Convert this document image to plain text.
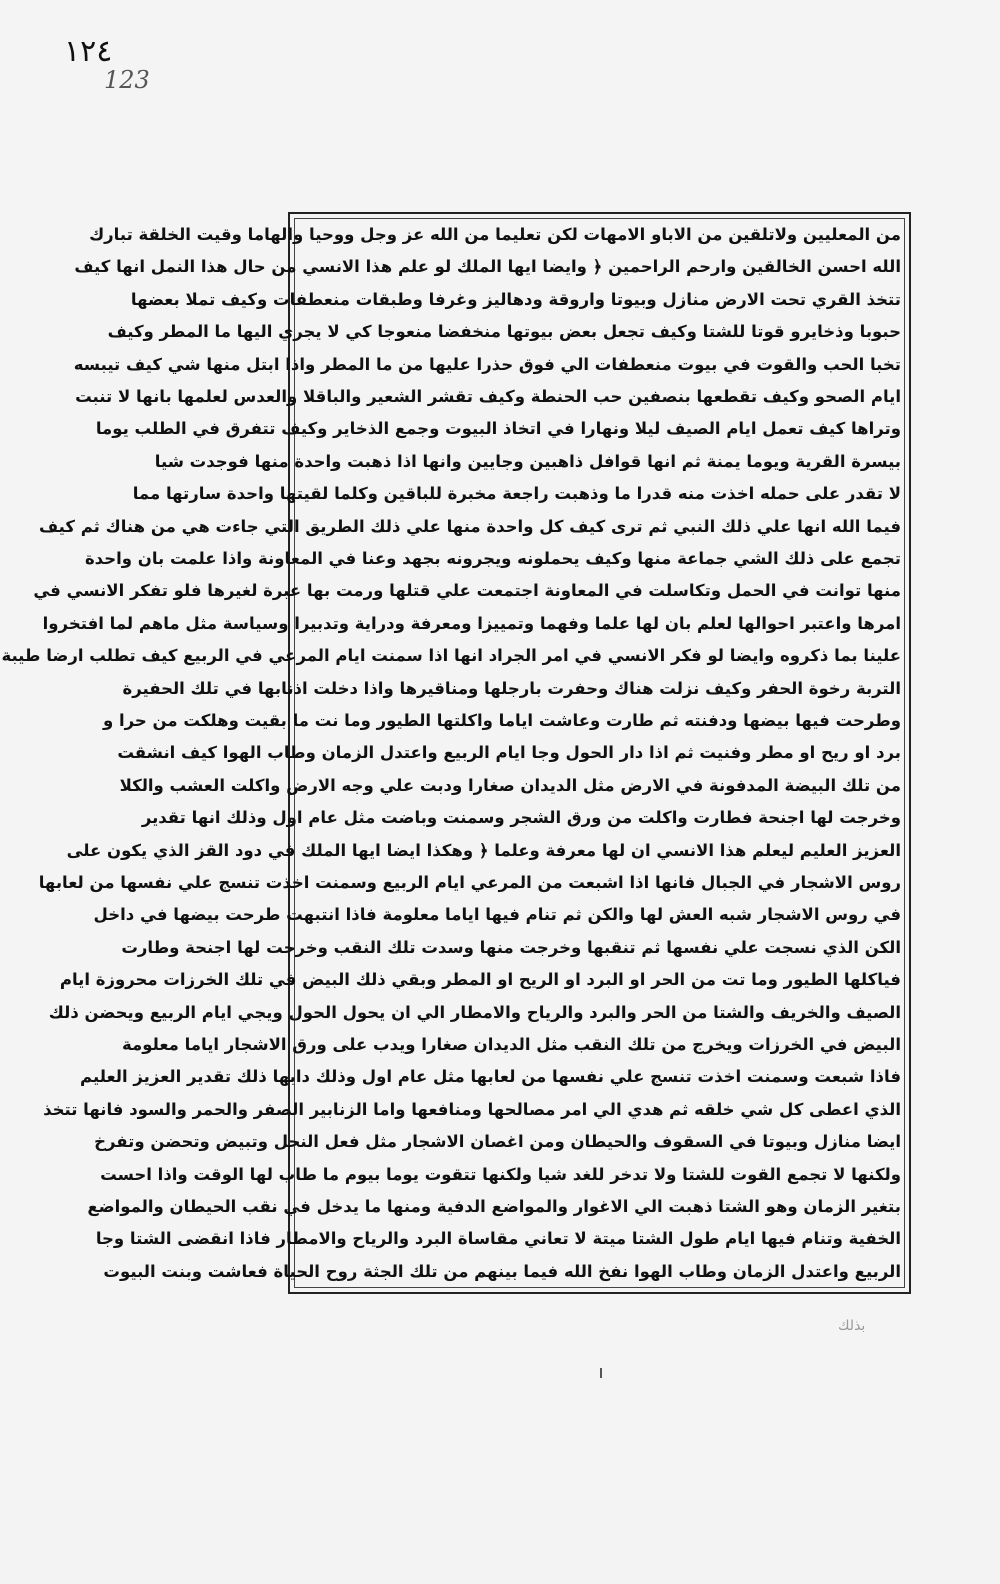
١٢٤
123
من المعليين ولاتلقين من الاباو الامهات لكن تعليما من الله عز وجل ووحيا والهاما وقيت الخلقة تبارك
الله احسن الخالقين وارحم الراحمين ﴿ وايضا ايها الملك لو علم هذا الانسي من حال هذا النمل انها كيف
تتخذ القري تحت الارض منازل وبيوتا واروقة ودهاليز وغرفا وطبقات منعطفات وكيف تملا بعضها
حبوبا وذخايرو قوتا للشتا وكيف تجعل بعض بيوتها منخفضا منعوجا كي لا يجري اليها ما المطر وكيف
تخبا الحب والقوت في بيوت منعطفات الي فوق حذرا عليها من ما المطر واذا ابتل منها شي كيف تيبسه
ايام الصحو وكيف تقطعها بنصفين حب الحنطة وكيف تقشر الشعير والباقلا والعدس لعلمها بانها لا تنبت
وتراها كيف تعمل ايام الصيف ليلا ونهارا في اتخاذ البيوت وجمع الذخاير وكيف تتفرق في الطلب يوما
بيسرة القرية ويوما يمنة ثم انها قوافل ذاهبين وجايين وانها اذا ذهبت واحدة منها فوجدت شيا
لا تقدر على حمله اخذت منه قدرا ما وذهبت راجعة مخبرة للباقين وكلما لقيتها واحدة سارتها مما
فيما الله انها علي ذلك النبي ثم ترى كيف كل واحدة منها علي ذلك الطريق التي جاءت هي من هناك ثم كيف
تجمع على ذلك الشي جماعة منها وكيف يحملونه ويجرونه بجهد وعنا في المعاونة واذا علمت بان واحدة
منها توانت في الحمل وتكاسلت في المعاونة اجتمعت علي قتلها ورمت بها عبرة لغيرها فلو تفكر الانسي في
امرها واعتبر احوالها لعلم بان لها علما وفهما وتمييزا ومعرفة ودراية وتدبيرا وسياسة مثل ماهم لما افتخروا
علينا بما ذكروه وايضا لو فكر الانسي في امر الجراد انها اذا سمنت ايام المرعي في الربيع كيف تطلب ارضا طيبة
التربة رخوة الحفر وكيف نزلت هناك وحفرت بارجلها ومناقيرها واذا دخلت اذنابها في تلك الحفيرة
وطرحت فيها بيضها ودفنته ثم طارت وعاشت اياما واكلتها الطيور وما نت ما بقيت وهلكت من حرا و
برد او ريح او مطر وفنيت ثم اذا دار الحول وجا ايام الربيع واعتدل الزمان وطاب الهوا كيف انشقت
من تلك البيضة المدفونة في الارض مثل الديدان صغارا ودبت علي وجه الارض واكلت العشب والكلا
وخرجت لها اجنحة فطارت واكلت من ورق الشجر وسمنت وباضت مثل عام اول وذلك انها تقدير
العزيز العليم ليعلم هذا الانسي ان لها معرفة وعلما ﴿ وهكذا ايضا ايها الملك في دود القز الذي يكون على
روس الاشجار في الجبال فانها اذا اشبعت من المرعي ايام الربيع وسمنت اخذت تنسج علي نفسها من لعابها
في روس الاشجار شبه العش لها والكن ثم تنام فيها اياما معلومة فاذا انتبهت طرحت بيضها في داخل
الكن الذي نسجت علي نفسها ثم تنقبها وخرجت منها وسدت تلك النقب وخرجت لها اجنحة وطارت
فياكلها الطيور وما تت من الحر او البرد او الريح او المطر وبقي ذلك البيض في تلك الخرزات محروزة ايام
الصيف والخريف والشتا من الحر والبرد والرياح والامطار الي ان يحول الحول ويجي ايام الربيع ويحضن ذلك
البيض في الخرزات ويخرج من تلك النقب مثل الديدان صغارا ويدب على ورق الاشجار اياما معلومة
فاذا شبعت وسمنت اخذت تنسج علي نفسها من لعابها مثل عام اول وذلك دابها ذلك تقدير العزيز العليم
الذي اعطى كل شي خلقه ثم هدي الي امر مصالحها ومنافعها واما الزنابير الصفر والحمر والسود فانها تتخذ
ايضا منازل وبيوتا في السقوف والحيطان ومن اغصان الاشجار مثل فعل النحل وتبيض وتحضن وتفرخ
ولكنها لا تجمع القوت للشتا ولا تدخر للغد شيا ولكنها تتقوت يوما بيوم ما طاب لها الوقت واذا احست
بتغير الزمان وهو الشتا ذهبت الي الاغوار والمواضع الدفية ومنها ما يدخل في نقب الحيطان والمواضع
الخفية وتنام فيها ايام طول الشتا ميتة لا تعاني مقاساة البرد والرياح والامطار فاذا انقضى الشتا وجا
الربيع واعتدل الزمان وطاب الهوا نفخ الله فيما بينهم من تلك الجثة روح الحياة فعاشت وبنت البيوت
ﺑﺬﻟﻚ
